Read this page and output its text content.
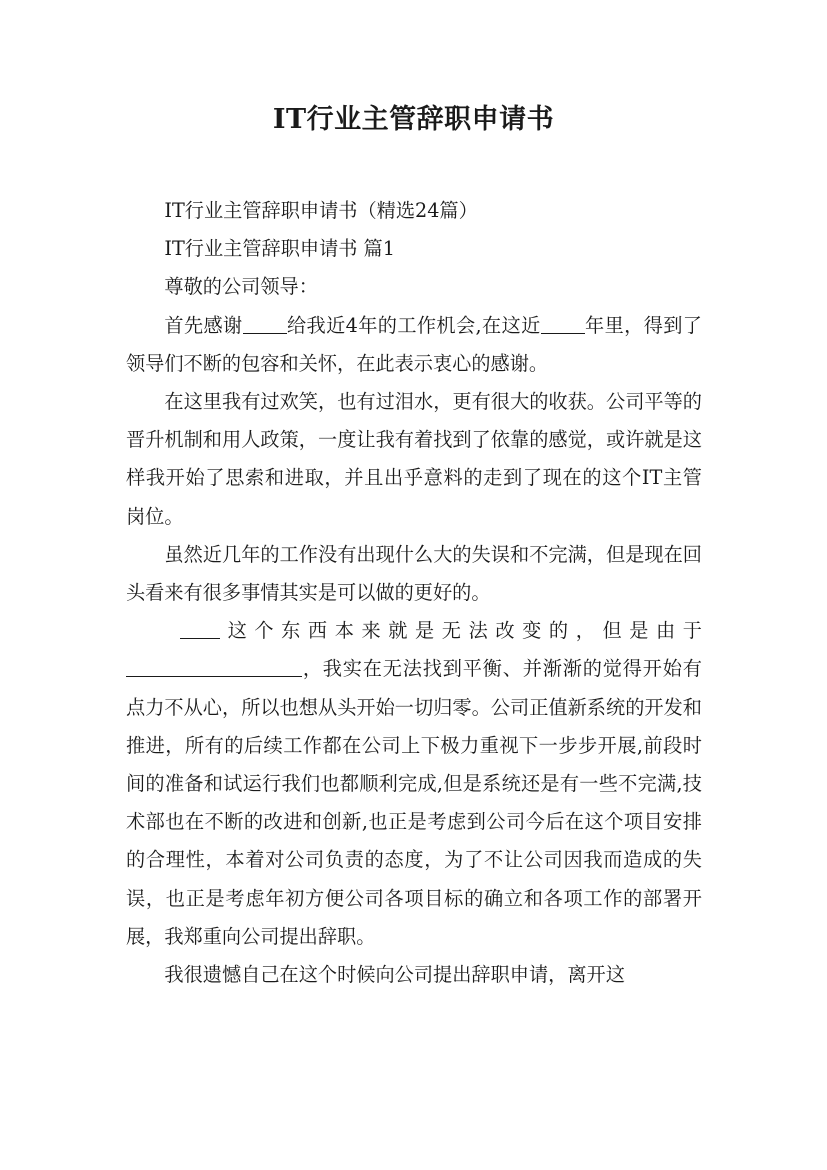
IT行业主管辞职申请书

IT行业主管辞职申请书（精选24篇）

IT行业主管辞职申请书 篇1

尊敬的公司领导：

首先感谢 给我近4年的工作机会,在这近 年里，得到了领导们不断的包容和关怀，在此表示衷心的感谢。

在这里我有过欢笑，也有过泪水，更有很大的收获。公司平等的晋升机制和用人政策，一度让我有着找到了依靠的感觉，或许就是这样我开始了思索和进取，并且出乎意料的走到了现在的这个IT主管岗位。

虽然近几年的工作没有出现什么大的失误和不完满，但是现在回头看来有很多事情其实是可以做的更好的。

这个东西本来就是无法改变的，但是由于

，我实在无法找到平衡、并渐渐的觉得开始有点力不从心，所以也想从头开始一切归零。公司正值新系统的开发和推进，所有的后续工作都在公司上下极力重视下一步步开展,前段时间的准备和试运行我们也都顺利完成,但是系统还是有一些不完满,技术部也在不断的改进和创新,也正是考虑到公司今后在这个项目安排的合理性，本着对公司负责的态度，为了不让公司因我而造成的失误，也正是考虑年初方便公司各项目标的确立和各项工作的部署开展，我郑重向公司提出辞职。

我很遗憾自己在这个时候向公司提出辞职申请，离开这
